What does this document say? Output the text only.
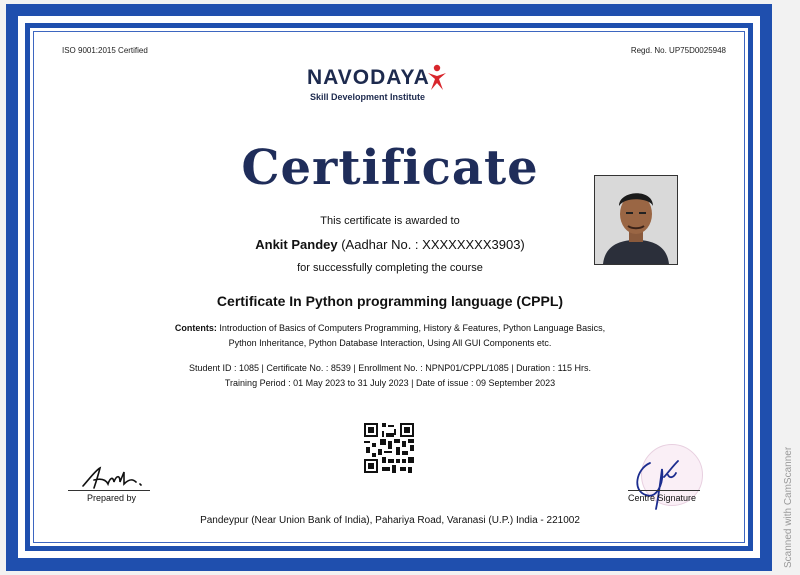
ISO 9001:2015 Certified	Regd. No. UP75D0025948
NAVODAYA
Skill Development Institute
Certificate
This certificate is awarded to
Ankit Pandey (Aadhar No. : XXXXXXXX3903)
for successfully completing the course
Certificate In Python programming language (CPPL)
Contents: Introduction of Basics of Computers Programming, History & Features, Python Language Basics,
Python Inheritance, Python Database Interaction, Using All GUI Components etc.
Student ID : 1085 | Certificate No. : 8539 | Enrollment No. : NPNP01/CPPL/1085 | Duration : 115 Hrs.
Training Period : 01 May 2023 to 31 July 2023 | Date of issue : 09 September 2023
Prepared by	Centre Signature
Pandeypur (Near Union Bank of India), Pahariya Road, Varanasi (U.P.) India - 221002	Scanned with CamScanner
